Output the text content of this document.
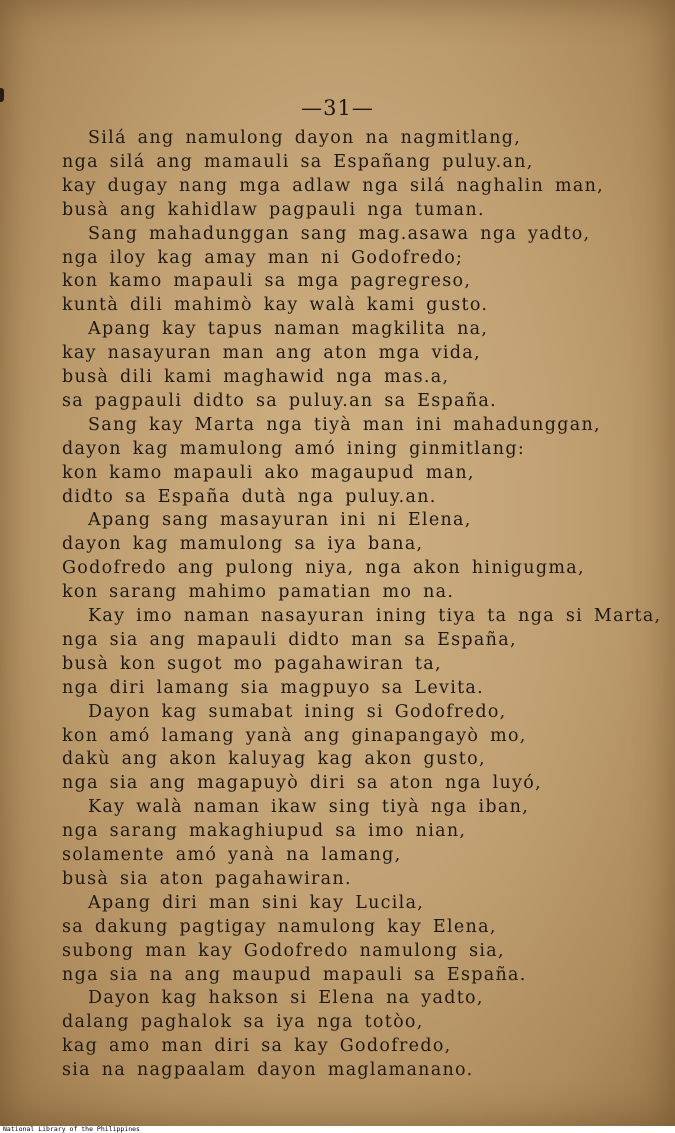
—31—
Silá ang namulong dayon na nagmitlang,
nga silá ang mamauli sa Españang puluy.an,
kay dugay nang mga adlaw nga silá naghalin man,
busà ang kahidlaw pagpauli nga tuman.
Sang mahadunggan sang mag.asawa nga yadto,
nga iloy kag amay man ni Godofredo;
kon kamo mapauli sa mga pagregreso,
kuntà dili mahimò kay walà kami gusto.
Apang kay tapus naman magkilita na,
kay nasayuran man ang aton mga vida,
busà dili kami maghawid nga mas.a,
sa pagpauli didto sa puluy.an sa España.
Sang kay Marta nga tiyà man ini mahadunggan,
dayon kag mamulong amó ining ginmitlang:
kon kamo mapauli ako magaupud man,
didto sa España dutà nga puluy.an.
Apang sang masayuran ini ni Elena,
dayon kag mamulong sa iya bana,
Godofredo ang pulong niya, nga akon hinigugma,
kon sarang mahimo pamatian mo na.
Kay imo naman nasayuran ining tiya ta nga si Marta,
nga sia ang mapauli didto man sa España,
busà kon sugot mo pagahawiran ta,
nga diri lamang sia magpuyo sa Levita.
Dayon kag sumabat ining si Godofredo,
kon amó lamang yanà ang ginapangayò mo,
dakù ang akon kaluyag kag akon gusto,
nga sia ang magapuyò diri sa aton nga luyó,
Kay walà naman ikaw sing tiyà nga iban,
nga sarang makaghiupud sa imo nian,
solamente amó yanà na lamang,
busà sia aton pagahawiran.
Apang diri man sini kay Lucila,
sa dakung pagtigay namulong kay Elena,
subong man kay Godofredo namulong sia,
nga sia na ang maupud mapauli sa España.
Dayon kag hakson si Elena na yadto,
dalang paghalok sa iya nga totòo,
kag amo man diri sa kay Godofredo,
sia na nagpaalam dayon maglamanano.
National Library of the Philippines
